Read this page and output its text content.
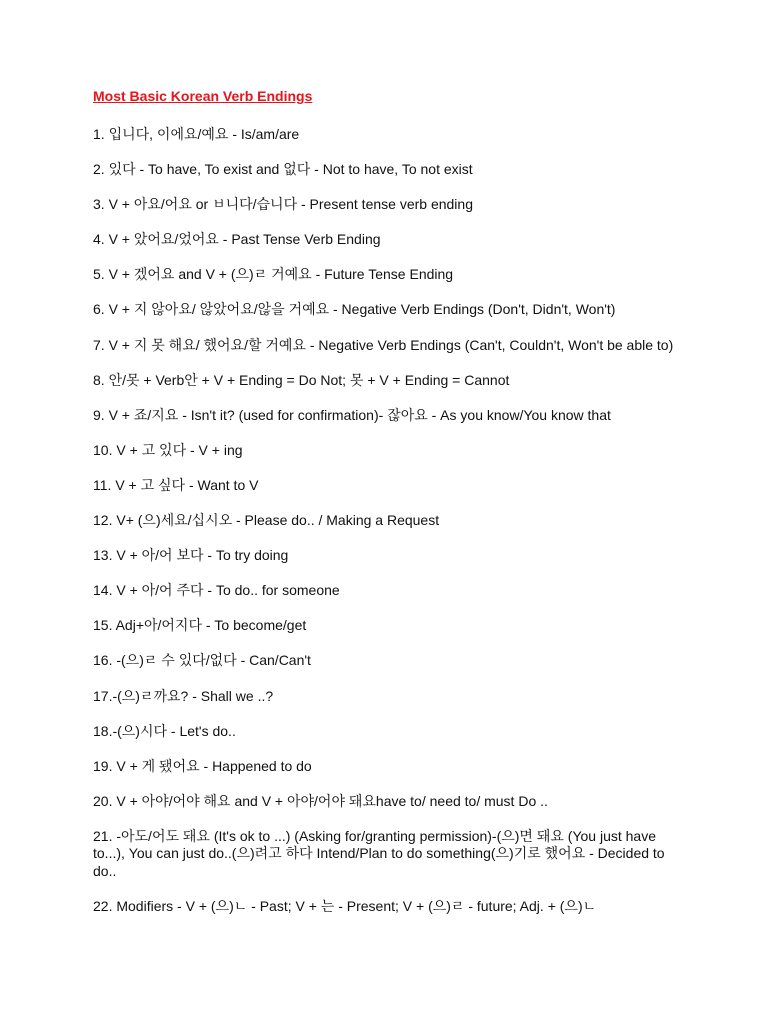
Most Basic Korean Verb Endings
1. 입니다, 이에요/예요 - Is/am/are
2. 있다 - To have, To exist and 없다 - Not to have, To not exist
3. V + 아요/어요 or ㅂ니다/습니다 - Present tense verb ending
4. V + 았어요/었어요 - Past Tense Verb Ending
5. V + 겠어요 and V + (으)ㄹ 거예요 - Future Tense Ending
6. V + 지 않아요/ 않았어요/않을 거예요 - Negative Verb Endings (Don't, Didn't, Won't)
7. V + 지 못 해요/ 했어요/할 거예요 - Negative Verb Endings (Can't, Couldn't, Won't be able to)
8. 안/못 + Verb안 + V + Ending = Do Not; 못 + V + Ending = Cannot
9. V + 죠/지요 - Isn't it? (used for confirmation)- 잖아요 - As you know/You know that
10. V + 고 있다 - V + ing
11. V + 고 싶다 - Want to V
12. V+ (으)세요/십시오 - Please do.. / Making a Request
13. V + 아/어 보다 - To try doing
14. V + 아/어 주다 - To do.. for someone
15. Adj+아/어지다 - To become/get
16. -(으)ㄹ 수 있다/없다 - Can/Can't
17.-(으)ㄹ까요? - Shall we ..?
18.-(으)시다 - Let's do..
19. V + 게 됐어요 - Happened to do
20. V + 아야/어야 해요 and V + 아야/어야 돼요have to/ need to/ must Do ..
21. -아도/어도 돼요 (It's ok to ...) (Asking for/granting permission)-(으)면 돼요 (You just have to...), You can just do..(으)려고 하다 Intend/Plan to do something(으)기로 했어요 - Decided to do..
22. Modifiers - V + (으)ㄴ - Past; V + 는 - Present; V + (으)ㄹ - future; Adj. + (으)ㄴ
